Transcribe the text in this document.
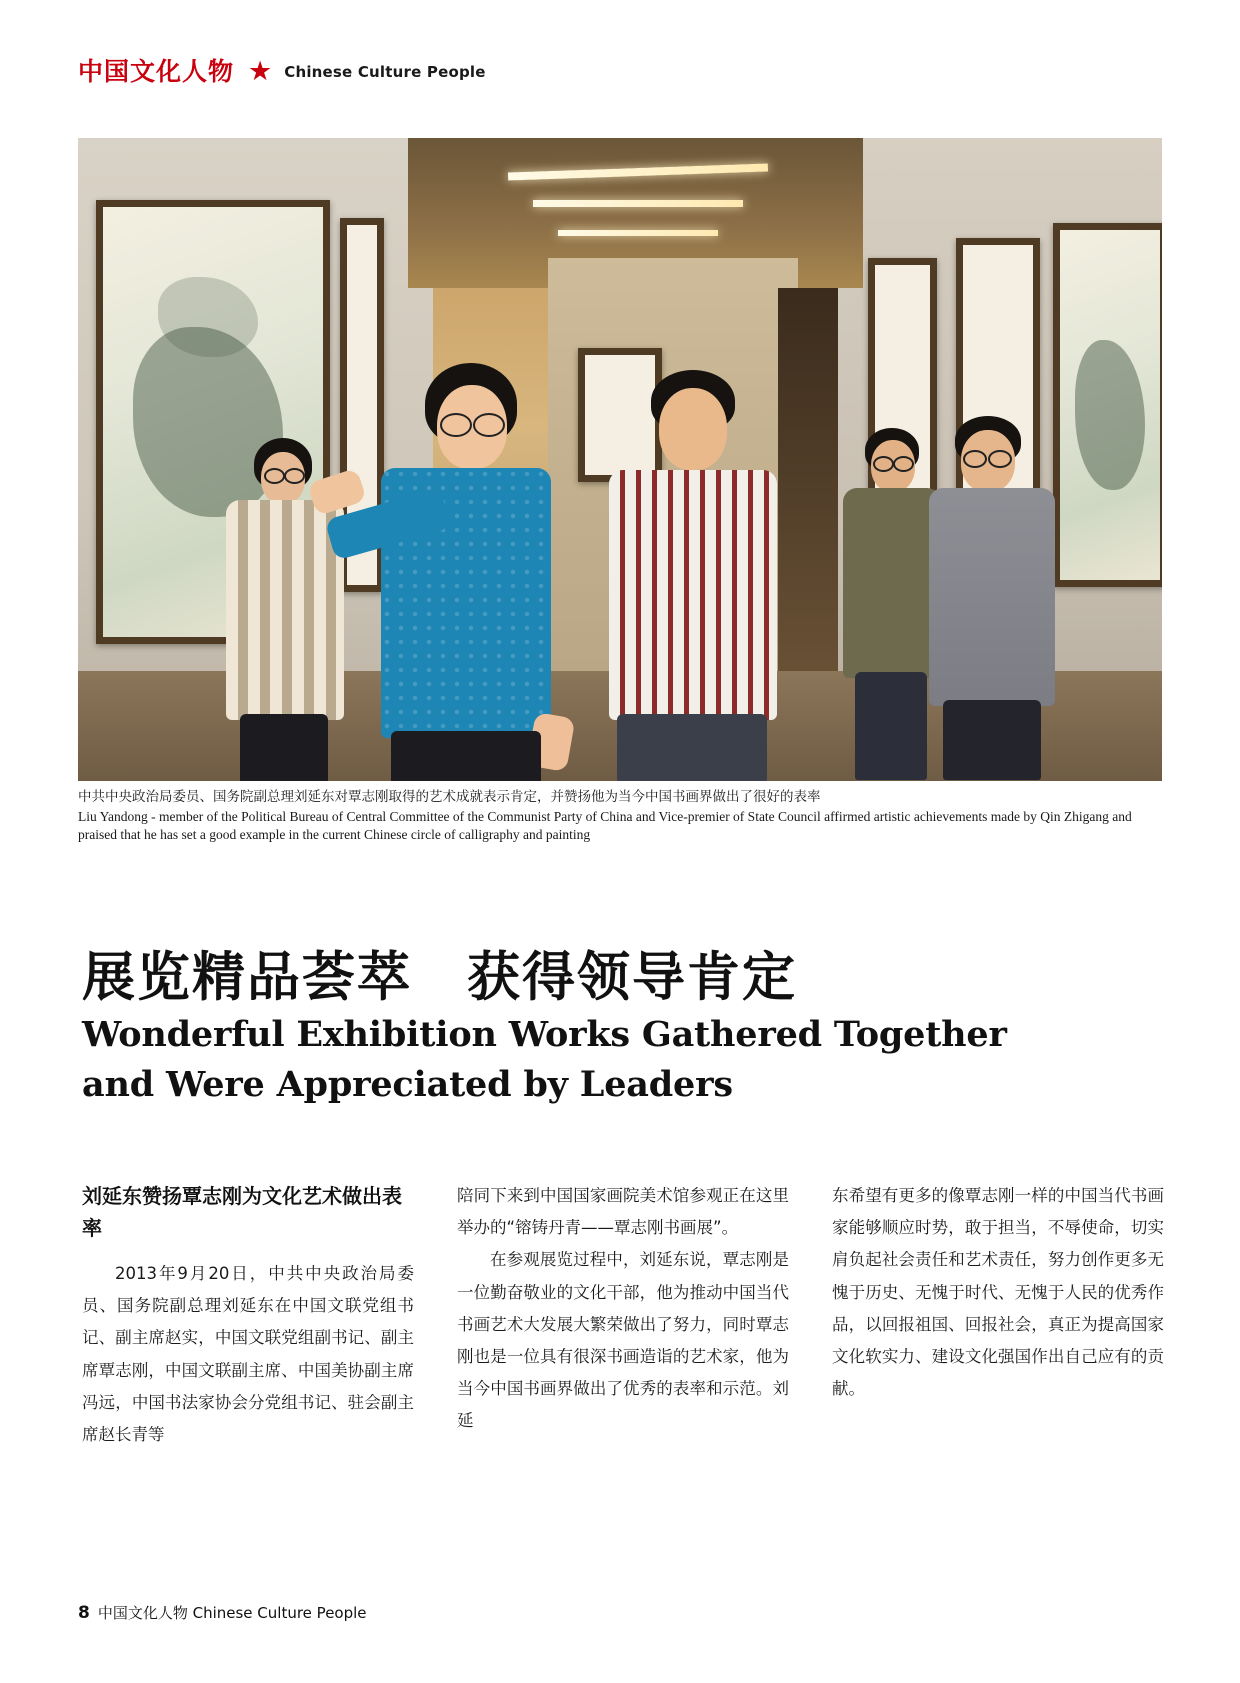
中国文化人物 ★ Chinese Culture People
中共中央政治局委员、国务院副总理刘延东对覃志刚取得的艺术成就表示肯定，并赞扬他为当今中国书画界做出了很好的表率
Liu Yandong - member of the Political Bureau of Central Committee of the Communist Party of China and Vice-premier of State Council affirmed artistic achievements made by Qin Zhigang and praised that he has set a good example in the current Chinese circle of calligraphy and painting
展览精品荟萃　获得领导肯定
Wonderful Exhibition Works Gathered Together and Were Appreciated by Leaders
刘延东赞扬覃志刚为文化艺术做出表率

2013年9月20日，中共中央政治局委员、国务院副总理刘延东在中国文联党组书记、副主席赵实，中国文联党组副书记、副主席覃志刚，中国文联副主席、中国美协副主席冯远，中国书法家协会分党组书记、驻会副主席赵长青等

陪同下来到中国国家画院美术馆参观正在这里举办的“镕铸丹青——覃志刚书画展”。

在参观展览过程中，刘延东说，覃志刚是一位勤奋敬业的文化干部，他为推动中国当代书画艺术大发展大繁荣做出了努力，同时覃志刚也是一位具有很深书画造诣的艺术家，他为当今中国书画界做出了优秀的表率和示范。刘延

东希望有更多的像覃志刚一样的中国当代书画家能够顺应时势，敢于担当，不辱使命，切实肩负起社会责任和艺术责任，努力创作更多无愧于历史、无愧于时代、无愧于人民的优秀作品，以回报祖国、回报社会，真正为提高国家文化软实力、建设文化强国作出自己应有的贡献。

8 中国文化人物 Chinese Culture People
